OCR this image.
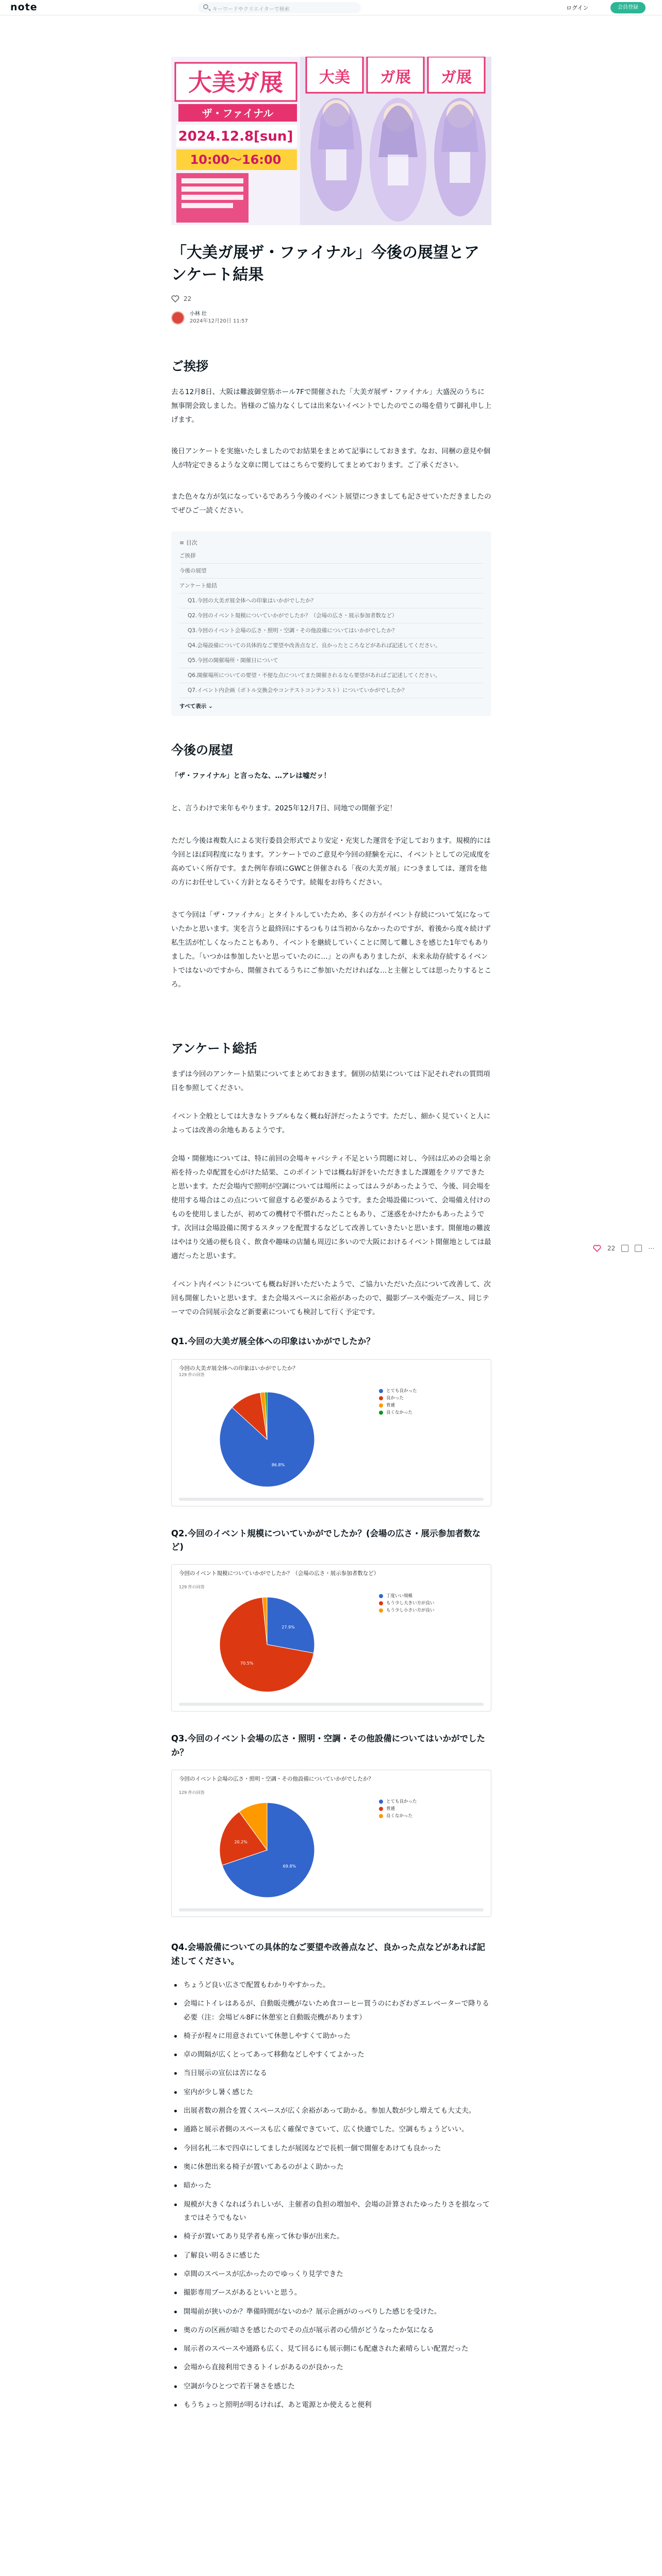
note	キーワードやクリエイターで検索	ログイン	会員登録
大美ガ展
ザ・ファイナル
2024.12.8[sun]
10:00～16:00
大美 ガ展 ガ展
「大美ガ展ザ・ファイナル」今後の展望とアンケート結果
22
小林 壮
2024年12月20日 11:57
ご挨拶

去る12月8日、大阪は難波御堂筋ホール7Fで開催された「大美ガ展ザ・ファイナル」大盛況のうちに無事閉会致しました。皆様のご協力なくしては出来ないイベントでしたのでこの場を借りて御礼申し上げます。

後日アンケートを実施いたしましたのでお結果をまとめて記事にしておきます。なお、同梱の意見や個人が特定できるような文章に関してはこちらで要約してまとめております。ご了承ください。

また色々な方が気になっているであろう今後のイベント展望につきましても記させていただきましたのでぜひご一読ください。

≡ 目次
ご挨拶
今後の展望
アンケート総括
Q1.今回の大美ガ展全体への印象はいかがでしたか？
Q2.今回のイベント規模についていかがでしたか？（会場の広さ・展示参加者数など）
Q3.今回のイベント会場の広さ・照明・空調・その他設備についてはいかがでしたか？
Q4.会場設備についての具体的なご要望や改善点など、良かったところなどがあれば記述してください。
Q5.今回の開催場所・開催日について
Q6.開催場所についての要望・不便な点についてまた開催されるなら要望があればご記述してください。
Q7.イベント内企画（ボトル交換会やコンテストコンテンスト）についていかがでしたか？
すべて表示 ⌄
今後の展望

「ザ・ファイナル」と言ったな、…アレは嘘だッ！

と、言うわけで来年もやります。2025年12月7日、同地での開催予定！

ただし今後は複数人による実行委員会形式でより安定・充実した運営を予定しております。規模的には今回とほぼ同程度になります。アンケートでのご意見や今回の経験を元に、イベントとしての完成度を高めていく所存です。また例年春頃にGWCと併催される「夜の大美ガ展」につきましては、運営を他の方にお任せしていく方針となるそうです。続報をお待ちください。

さて今回は「ザ・ファイナル」とタイトルしていたため、多くの方がイベント存続について気になっていたかと思います。実を言うと最終回にするつもりは当初からなかったのですが、着後から度々続けず私生活が忙しくなったこともあり、イベントを継続していくことに関して難しさを感じた1年でもありました。「いつかは参加したいと思っていたのに…」との声もありましたが、未来永劫存続するイベントではないのですから、開催されてるうちにご参加いただければな…と主催としては思ったりするところ。

アンケート総括

まずは今回のアンケート結果についてまとめておきます。個別の結果については下記それぞれの質問項目を参照してください。

イベント全般としては大きなトラブルもなく概ね好評だったようです。ただし、細かく見ていくと人によっては改善の余地もあるようです。

会場・開催地については、特に前回の会場キャパシティ不足という問題に対し、今回は広めの会場と余裕を持った卓配置を心がけた結果、このポイントでは概ね好評をいただきました課題をクリアできたと思います。ただ会場内で照明が空調については場所によってはムラがあったようで、今後、同会場を使用する場合はこの点について留意する必要があるようです。また会場設備について、会場備え付けのものを使用しましたが、初めての機材で不慣れだったこともあり、ご迷惑をかけたかもあったようです。次回は会場設備に関するスタッフを配置するなどして改善していきたいと思います。開催地の難波はやはり交通の便も良く、飲食や趣味の店舗も周辺に多いので大阪におけるイベント開催地としては最適だったと思います。

イベント内イベントについても概ね好評いただいたようで、ご協力いただいた点について改善して、次回も開催したいと思います。また会場スペースに余裕があったので、撮影ブースや販売ブース、同じテーマでの合同展示会など新要素についても検討して行く予定です。

Q1.今回の大美ガ展全体への印象はいかがでしたか？
今回の大美ガ展全体への印象はいかがでしたか？
129 件の回答
86.8%
とても良かった
良かった
普通
良くなかった
Q2.今回のイベント規模についていかがでしたか？(会場の広さ・展示参加者数など)
今回のイベント規模についていかがでしたか？（会場の広さ・展示参加者数など）
129 件の回答
27.9%
70.5%
丁度いい規模
もう少し大きい方が良い
もう少し小さい方が良い
Q3.今回のイベント会場の広さ・照明・空調・その他設備についてはいかがでしたか？
今回のイベント会場の広さ・照明・空調・その他設備についていかがでしたか？
129 件の回答
69.8%
20.2%
とても良かった
普通
良くなかった
Q4.会場設備についての具体的なご要望や改善点など、良かった点などがあれば記述してください。
ちょうど良い広さで配置もわかりやすかった。
会場にトイレはあるが、自動販売機がないため食コーヒー買うのにわざわざエレベーターで降りる必要（注：会場ビル8Fに休憩室と自動販売機があります）
椅子が程々に用意されていて休憩しやすくて助かった
卓の間隔が広くとってあって移動などしやすくてよかった
当日展示の宣伝は苦になる
室内が少し暑く感じた
出展者数の割合を置くスペースが広く余裕があって助かる。参加人数が少し増えても大丈夫。
通路と展示者側のスペースも広く確保できていて、広く快適でした。空調もちょうどいい。
今回名札二本で四卓にしてましたが展図などで長机一個で開催をあけても良かった
奥に休憩出来る椅子が置いてあるのがよく助かった
暗かった
規模が大きくなればうれしいが、主催者の負担の増加や、会場の計算されたゆったりさを損なってまではそうでもない
椅子が置いてあり見学者も座って休む事が出来た。
了解良い明るさに感じた
卓間のスペースが広かったのでゆっくり見学できた
撮影専用ブースがあるといいと思う。
開場前が狭いのか？準備時間がないのか？展示企画がのっぺりした感じを受けた。
奥の方の区画が暗さを感じたのでその点が展示者の心情がどうなったか気になる
展示者のスペースや通路も広く、見て回るにも展示側にも配慮された素晴らしい配置だった
会場から直接利用できるトイレがあるのが良かった
空調が今ひとつで若干暑さを感じた
もうちょっと照明が明るければ、あと電源とか使えると便利
22	⋯
